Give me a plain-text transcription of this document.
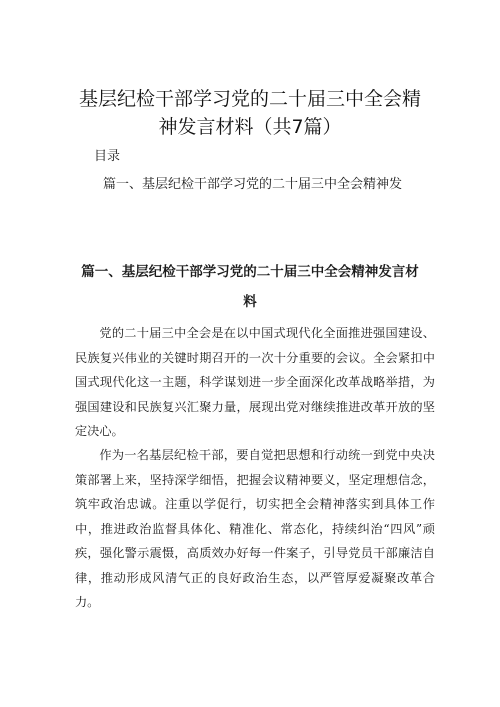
基层纪检干部学习党的二十届三中全会精
神发言材料（共7篇）
目录
篇一、基层纪检干部学习党的二十届三中全会精神发
篇一、基层纪检干部学习党的二十届三中全会精神发言材
料

党的二十届三中全会是在以中国式现代化全面推进强国建设、民族复兴伟业的关键时期召开的一次十分重要的会议。全会紧扣中国式现代化这一主题，科学谋划进一步全面深化改革战略举措，为强国建设和民族复兴汇聚力量，展现出党对继续推进改革开放的坚定决心。

作为一名基层纪检干部，要自觉把思想和行动统一到党中央决策部署上来，坚持深学细悟，把握会议精神要义，坚定理想信念，筑牢政治忠诚。注重以学促行，切实把全会精神落实到具体工作中，推进政治监督具体化、精准化、常态化，持续纠治“四风”顽疾，强化警示震慑，高质效办好每一件案子，引导党员干部廉洁自律，推动形成风清气正的良好政治生态，以严管厚爱凝聚改革合力。
